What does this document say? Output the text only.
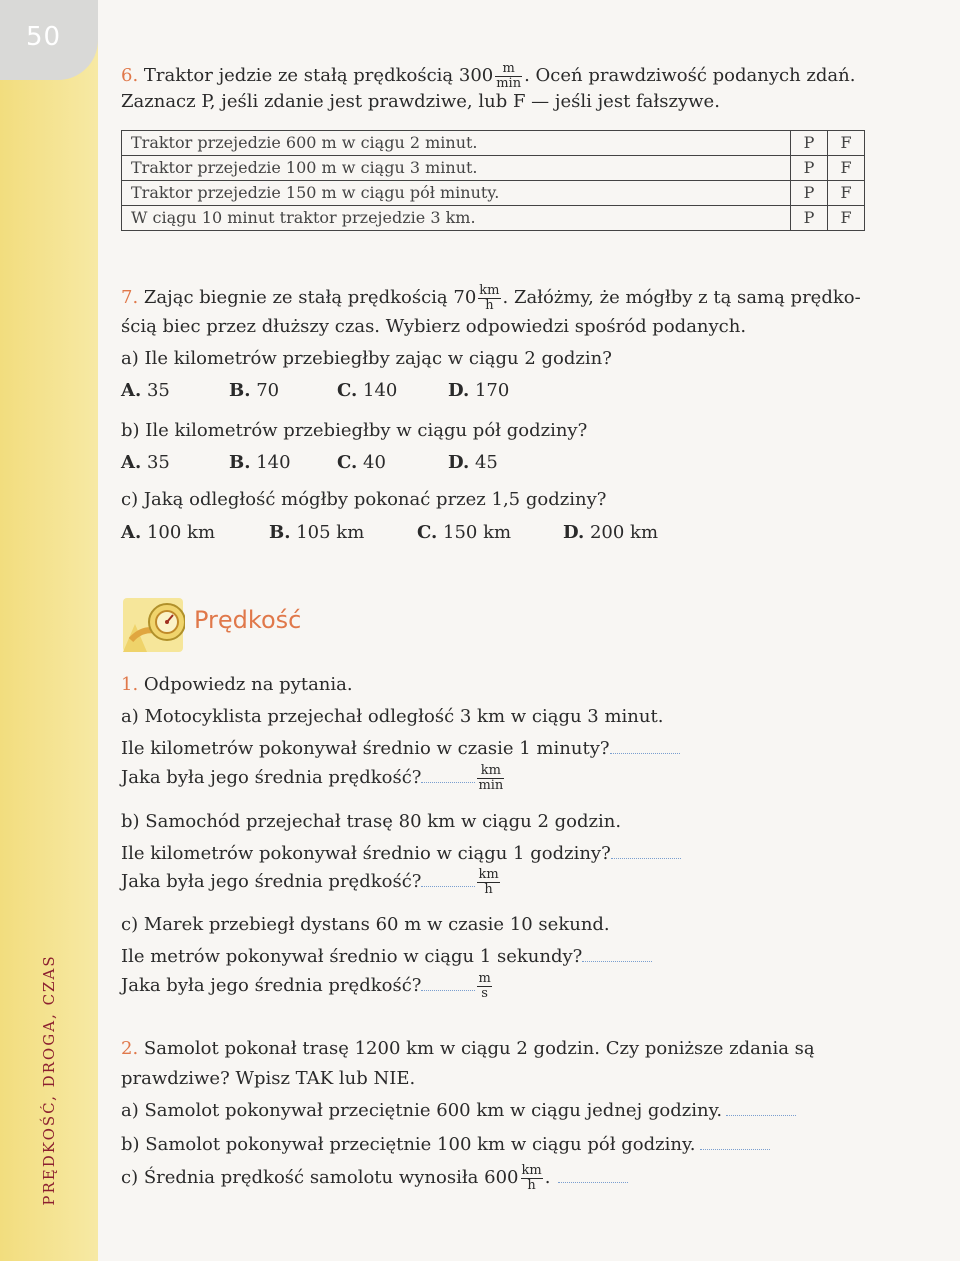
50
PRĘDKOŚĆ, DROGA, CZAS
6. Traktor jedzie ze stałą prędkością $300 \frac{m}{\min}$ . Oceń prawdziwość podanych zdań.
Zaznacz P, jeśli zdanie jest prawdziwe, lub F — jeśli jest fałszywe.
Traktor przejedzie 600 m w ciągu 2 minut.	P	F
Traktor przejedzie 100 m w ciągu 3 minut.	P	F
Traktor przejedzie 150 m w ciągu pół minuty.	P	F
W ciągu 10 minut traktor przejedzie 3 km.	P	F
7. Zając biegnie ze stałą prędkością $70 \frac{km}{h}$ . Załóżmy, że mógłby z tą samą prędko-
ścią biec przez dłuższy czas. Wybierz odpowiedzi spośród podanych.
a) Ile kilometrów przebiegłby zając w ciągu 2 godzin?
A. 35	B. 70	C. 140	D. 170
b) Ile kilometrów przebiegłby w ciągu pół godziny?
A. 35	B. 140	C. 40	D. 45
c) Jaką odległość mógłby pokonać przez 1,5 godziny?
A. 100 km	B. 105 km	C. 150 km	D. 200 km
Prędkość
1. Odpowiedz na pytania.
a) Motocyklista przejechał odległość 3 km w ciągu 3 minut.
Ile kilometrów pokonywał średnio w czasie 1 minuty?
Jaka była jego średnia prędkość?	$\frac{km}{\min}$
b) Samochód przejechał trasę 80 km w ciągu 2 godzin.
Ile kilometrów pokonywał średnio w ciągu 1 godziny?
Jaka była jego średnia prędkość?	$\frac{km}{h}$
c) Marek przebiegł dystans 60 m w czasie 10 sekund.
Ile metrów pokonywał średnio w ciągu 1 sekundy?
Jaka była jego średnia prędkość?	$\frac{m}{s}$
2. Samolot pokonał trasę 1200 km w ciągu 2 godzin. Czy poniższe zdania są
prawdziwe? Wpisz TAK lub NIE.
a) Samolot pokonywał przeciętnie 600 km w ciągu jednej godziny.
b) Samolot pokonywał przeciętnie 100 km w ciągu pół godziny.
c) Średnia prędkość samolotu wynosiła $600 \frac{km}{h}$ .
